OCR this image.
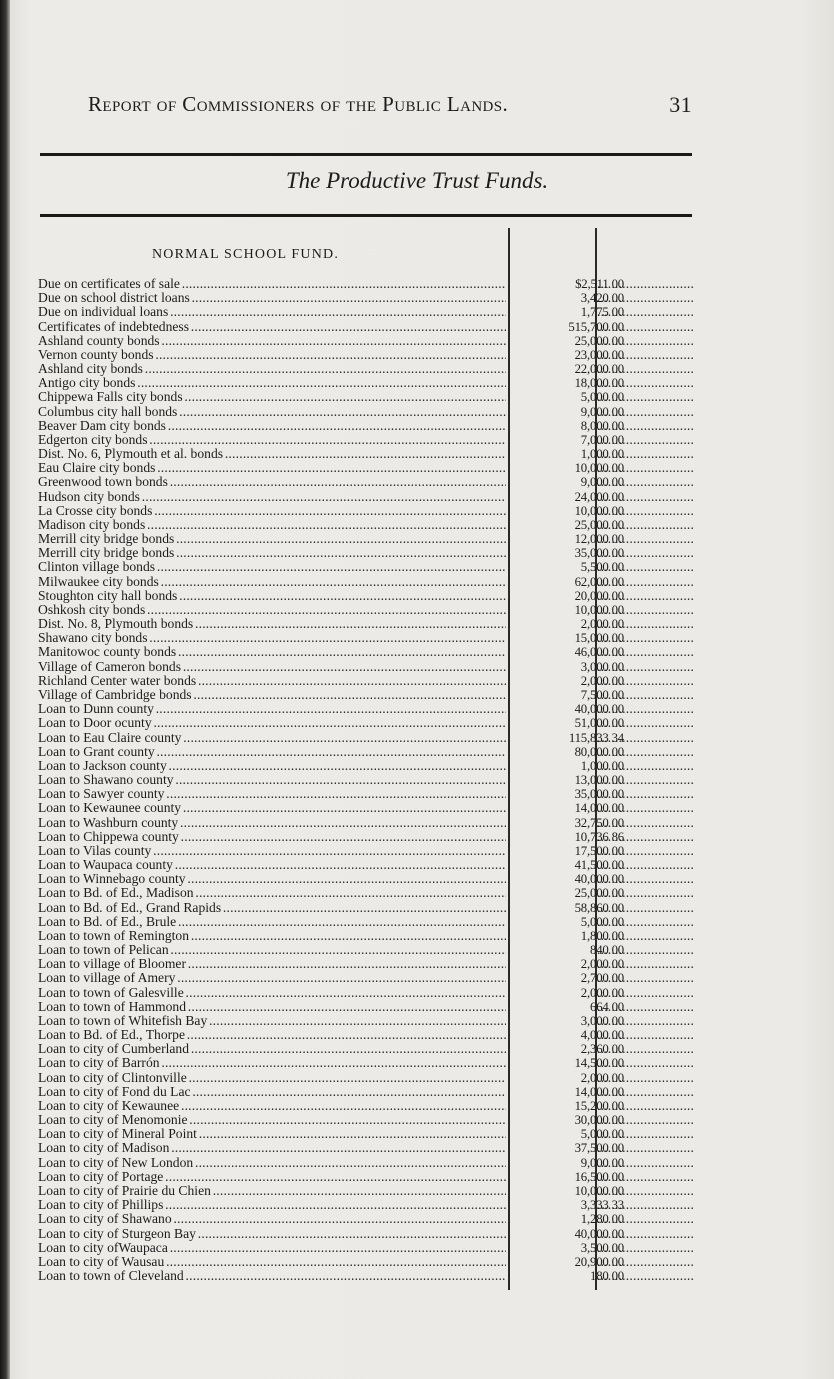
Report of Commissioners of the Public Lands.	31
The Productive Trust Funds.
NORMAL SCHOOL FUND.
Due on certificates of sale . . .	$2,511 00
. . .
Due on school district loans . . .	3,420 00
. . .
Due on individual loans . . .	1,775 00
. . .
Certificates of indebtedness . . .	515,700 00
. . .
Ashland county bonds . . .	25,000 00
. . .
Vernon county bonds . . .	23,000 00
. . .
Ashland city bonds . . .	22,000 00
. . .
Antigo city bonds . . .	18,000 00
. . .
Chippewa Falls city bonds . . .	5,000 00
. . .
Columbus city hall bonds . . .	9,000 00
. . .
Beaver Dam city bonds . . .	8,000 00
. . .
Edgerton city bonds . . .	7,000 00
. . .
Dist. No. 6, Plymouth et al. bonds . . .	1,000 00
. . .
Eau Claire city bonds . . .	10,000 00
. . .
Greenwood town bonds . . .	9,000 00
. . .
Hudson city bonds . . .	24,000 00
. . .
La Crosse city bonds . . .	10,000 00
. . .
Madison city bonds . . .	25,000 00
. . .
Merrill city bridge bonds . . .	12,000 00
. . .
Merrill city bridge bonds . . .	35,000 00
. . .
Clinton village bonds . . .	5,500 00
. . .
Milwaukee city bonds . . .	62,000 00
. . .
Stoughton city hall bonds . . .	20,000 00
. . .
Oshkosh city bonds . . .	10,000 00
. . .
Dist. No. 8, Plymouth bonds . . .	2,000 00
. . .
Shawano city bonds . . .	15,000 00
. . .
Manitowoc county bonds . . .	46,000 00
. . .
Village of Cameron bonds . . .	3,000 00
. . .
Richland Center water bonds . . .	2,000 00
. . .
Village of Cambridge bonds . . .	7,500 00
. . .
Loan to Dunn county . . .	40,000 00
. . .
Loan to Door ocunty . . .	51,000 00
. . .
Loan to Eau Claire county . . .	115,833 34
. . .
Loan to Grant county . . .	80,000 00
. . .
Loan to Jackson county . . .	1,000 00
. . .
Loan to Shawano county . . .	13,000 00
. . .
Loan to Sawyer county . . .	35,000 00
. . .
Loan to Kewaunee county . . .	14,000 00
. . .
Loan to Washburn county . . .	32,750 00
. . .
Loan to Chippewa county . . .	10,736 86
. . .
Loan to Vilas county . . .	17,500 00
. . .
Loan to Waupaca county . . .	41,500 00
. . .
Loan to Winnebago county . . .	40,000 00
. . .
Loan to Bd. of Ed., Madison . . .	25,000 00
. . .
Loan to Bd. of Ed., Grand Rapids . . .	58,860 00
. . .
Loan to Bd. of Ed., Brule . . .	5,000 00
. . .
Loan to town of Remington . . .	1,800 00
. . .
Loan to town of Pelican . . .	840 00
. . .
Loan to village of Bloomer . . .	2,000 00
. . .
Loan to village of Amery . . .	2,700 00
. . .
Loan to town of Galesville . . .	2,000 00
. . .
Loan to town of Hammond . . .	664 00
. . .
Loan to town of Whitefish Bay . . .	3,000 00
. . .
Loan to Bd. of Ed., Thorpe . . .	4,000 00
. . .
Loan to city of Cumberland . . .	2,360 00
. . .
Loan to city of Barrón . . .	14,500 00
. . .
Loan to city of Clintonville . . .	2,000 00
. . .
Loan to city of Fond du Lac . . .	14,000 00
. . .
Loan to city of Kewaunee . . .	15,200 00
. . .
Loan to city of Menomonie . . .	30,000 00
. . .
Loan to city of Mineral Point . . .	5,000 00
. . .
Loan to city of Madison . . .	37,500 00
. . .
Loan to city of New London . . .	9,000 00
. . .
Loan to city of Portage . . .	16,500 00
. . .
Loan to city of Prairie du Chien . . .	10,000 00
. . .
Loan to city of Phillips . . .	3,333 33
. . .
Loan to city of Shawano . . .	1,280 00
. . .
Loan to city of Sturgeon Bay . . .	40,000 00
. . .
Loan to city ofWaupaca . . .	3,500 00
. . .
Loan to city of Wausau . . .	20,900 00
. . .
Loan to town of Cleveland . . .	180 00
. . .
